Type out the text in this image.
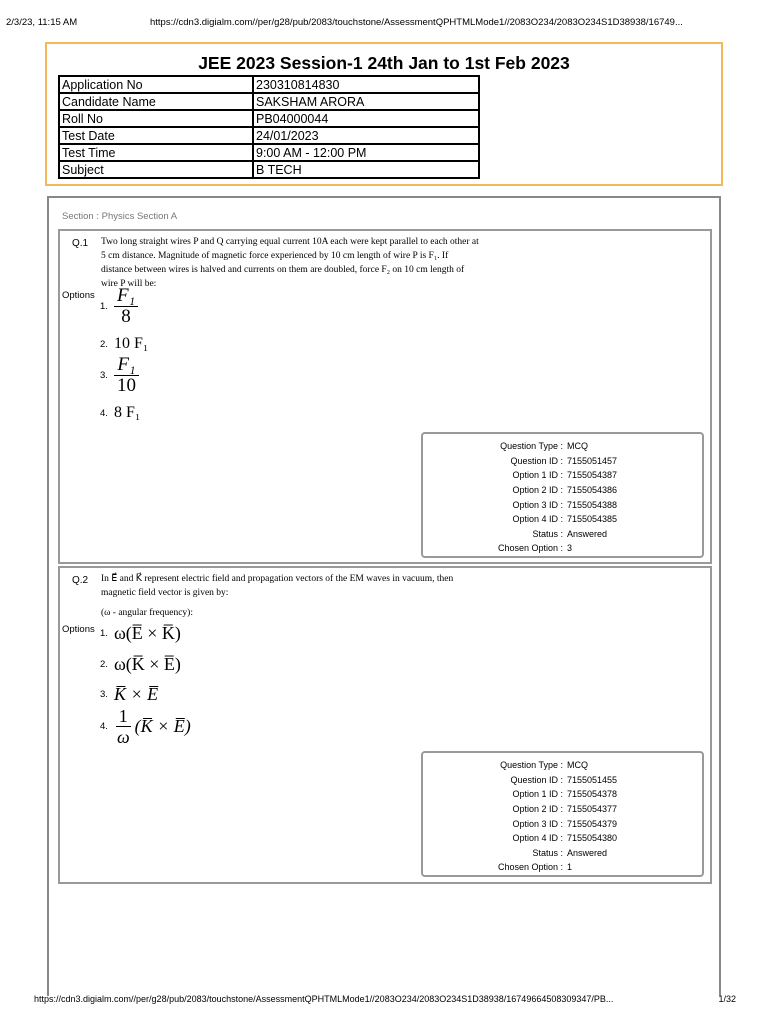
2/3/23, 11:15 AM	https://cdn3.digialm.com//per/g28/pub/2083/touchstone/AssessmentQPHTMLMode1//2083O234/2083O234S1D38938/16749...
JEE 2023 Session-1 24th Jan to 1st Feb 2023
Application No	230310814830
Candidate Name	SAKSHAM ARORA
Roll No	PB04000044
Test Date	24/01/2023
Test Time	9:00 AM - 12:00 PM
Subject	B TECH
Section : Physics Section A
Q.1 Two long straight wires P and Q carrying equal current 10A each were kept parallel to each other at
5 cm distance. Magnitude of magnetic force experienced by 10 cm length of wire P is F₁. If
distance between wires is halved and currents on them are doubled, force F₂ on 10 cm length of
wire P will be:
Options
1. $\frac{\text{F₁}}{8}$
2. 10 F₁
3. $\frac{\text{F₁}}{10}$
4. 8 F₁
Question Type :	MCQ
Question ID :	7155051457
Option 1 ID :	7155054387
Option 2 ID :	7155054386
Option 3 ID :	7155054388
Option 4 ID :	7155054385
Status :	Answered
Chosen Option :	3
Q.2 In E⃗ and K⃗ represent electric field and propagation vectors of the EM waves in vacuum, then
magnetic field vector is given by:
(ω - angular frequency):
Options 1. ω(E̅ × K̅)
2. ω(K̅ × E̅)
3. K̅ × E̅
4. $\frac{1}{\omega}$ (K̅ × E̅)
Question Type :	MCQ
Question ID :	7155051455
Option 1 ID :	7155054378
Option 2 ID :	7155054377
Option 3 ID :	7155054379
Option 4 ID :	7155054380
Status :	Answered
Chosen Option :	1
https://cdn3.digialm.com//per/g28/pub/2083/touchstone/AssessmentQPHTMLMode1//2083O234/2083O234S1D38938/16749664508309347/PB...	1/32
